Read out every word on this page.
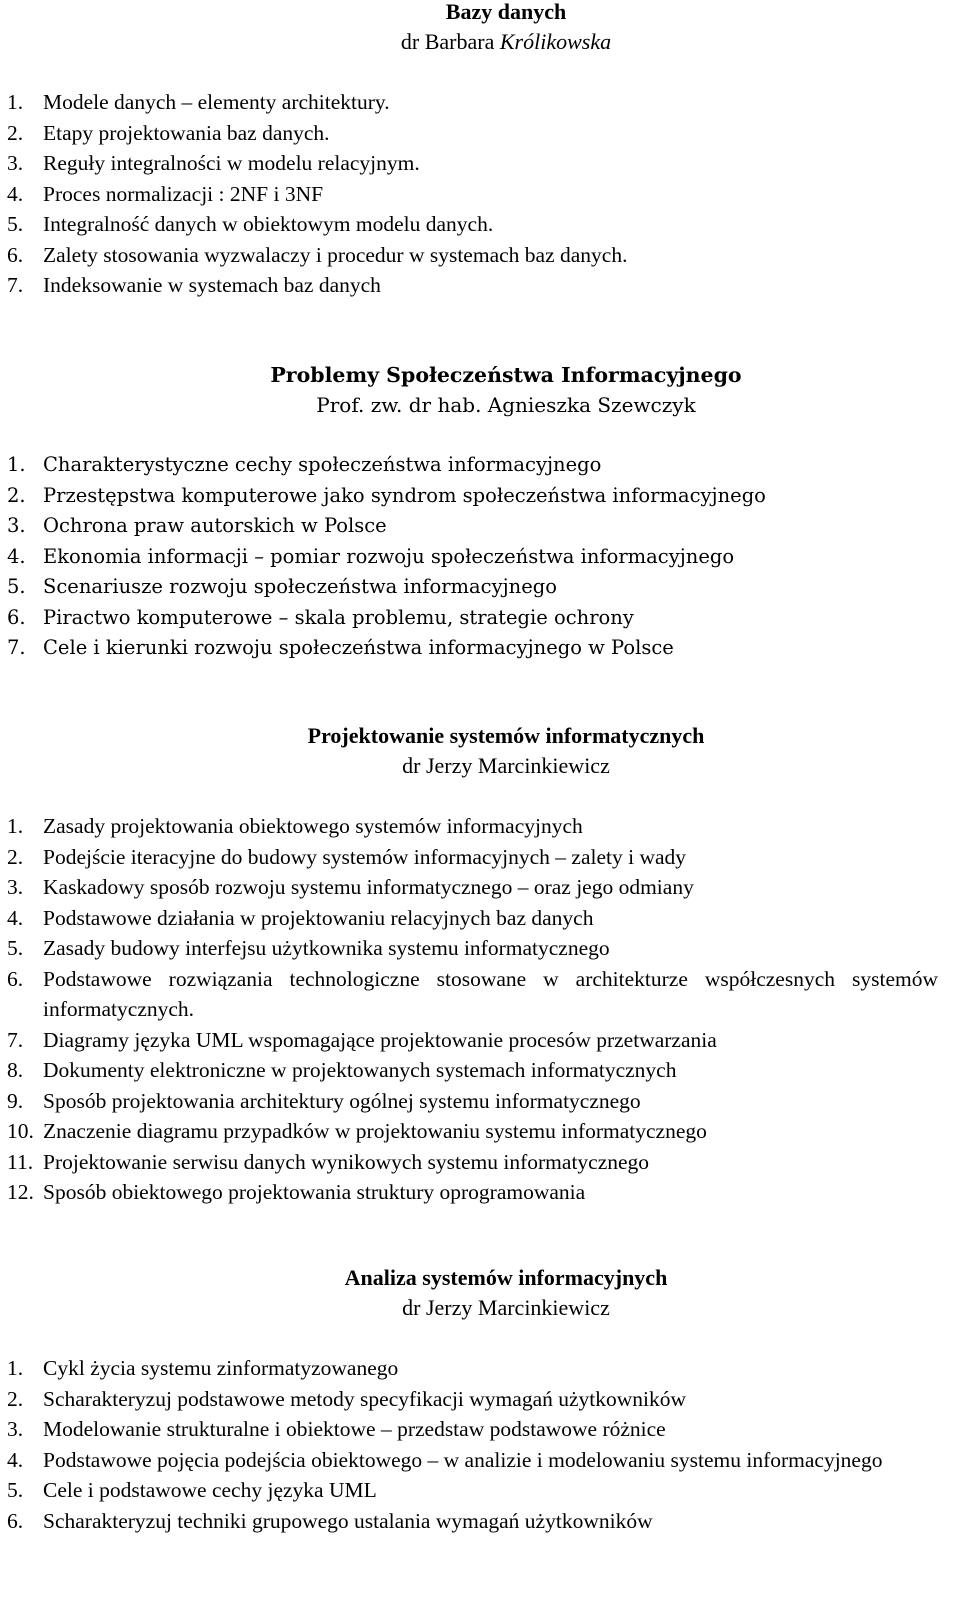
Bazy danych
dr Barbara Królikowska
1. Modele danych – elementy architektury.
2. Etapy projektowania baz danych.
3. Reguły integralności w modelu relacyjnym.
4. Proces normalizacji : 2NF i 3NF
5. Integralność danych w obiektowym modelu danych.
6. Zalety stosowania wyzwalaczy i procedur w systemach baz danych.
7. Indeksowanie w systemach baz danych
Problemy Społeczeństwa Informacyjnego
Prof. zw. dr hab. Agnieszka Szewczyk
1. Charakterystyczne cechy społeczeństwa informacyjnego
2. Przestępstwa komputerowe jako syndrom społeczeństwa informacyjnego
3. Ochrona praw autorskich w Polsce
4. Ekonomia informacji – pomiar rozwoju społeczeństwa informacyjnego
5. Scenariusze rozwoju społeczeństwa informacyjnego
6. Piractwo komputerowe – skala problemu, strategie ochrony
7. Cele i kierunki rozwoju społeczeństwa informacyjnego w Polsce
Projektowanie systemów informatycznych
dr Jerzy Marcinkiewicz
1. Zasady projektowania obiektowego systemów informacyjnych
2. Podejście iteracyjne do budowy systemów informacyjnych – zalety i wady
3. Kaskadowy sposób rozwoju systemu informatycznego – oraz jego odmiany
4. Podstawowe działania w projektowaniu relacyjnych baz danych
5. Zasady budowy interfejsu użytkownika systemu informatycznego
6. Podstawowe rozwiązania technologiczne stosowane w architekturze współczesnych systemów informatycznych.
7. Diagramy języka UML wspomagające projektowanie procesów przetwarzania
8. Dokumenty elektroniczne w projektowanych systemach informatycznych
9. Sposób projektowania architektury ogólnej systemu informatycznego
10. Znaczenie diagramu przypadków w projektowaniu systemu informatycznego
11. Projektowanie serwisu danych wynikowych systemu informatycznego
12. Sposób obiektowego projektowania struktury oprogramowania
Analiza systemów informacyjnych
dr Jerzy Marcinkiewicz
1. Cykl życia systemu zinformatyzowanego
2. Scharakteryzuj podstawowe metody specyfikacji wymagań użytkowników
3. Modelowanie strukturalne i obiektowe – przedstaw podstawowe różnice
4. Podstawowe pojęcia podejścia obiektowego – w analizie i modelowaniu systemu informacyjnego
5. Cele i podstawowe cechy języka UML
6. Scharakteryzuj techniki grupowego ustalania wymagań użytkowników
